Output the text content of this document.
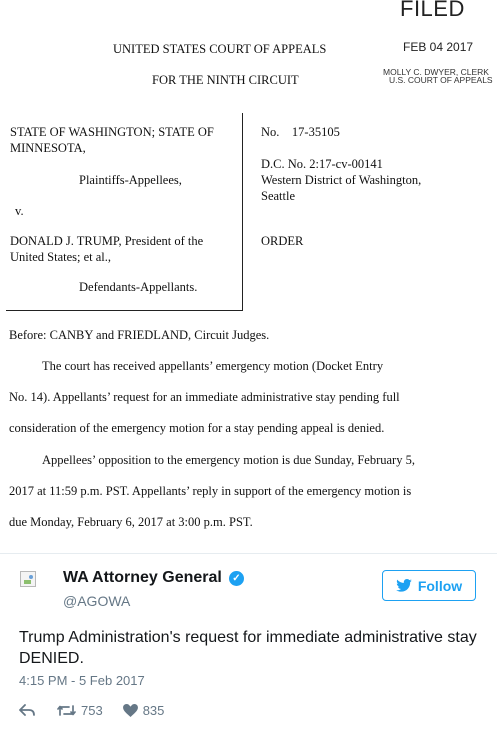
FILED
FEB 04 2017
MOLLY C. DWYER, CLERK
U.S. COURT OF APPEALS
UNITED STATES COURT OF APPEALS
FOR THE NINTH CIRCUIT
STATE OF WASHINGTON; STATE OF
MINNESOTA,
Plaintiffs-Appellees,
v.
DONALD J. TRUMP, President of the
United States; et al.,
Defendants-Appellants.
No.    17-35105
D.C. No. 2:17-cv-00141
Western District of Washington,
Seattle
ORDER
Before: CANBY and FRIEDLAND, Circuit Judges.
The court has received appellants’ emergency motion (Docket Entry
No. 14). Appellants’ request for an immediate administrative stay pending full
consideration of the emergency motion for a stay pending appeal is denied.
Appellees’ opposition to the emergency motion is due Sunday, February 5,
2017 at 11:59 p.m. PST. Appellants’ reply in support of the emergency motion is
due Monday, February 6, 2017 at 3:00 p.m. PST.
WA Attorney General	✓
@AGOWA
Follow
Trump Administration's request for immediate administrative stay DENIED.
4:15 PM - 5 Feb 2017
753	835
